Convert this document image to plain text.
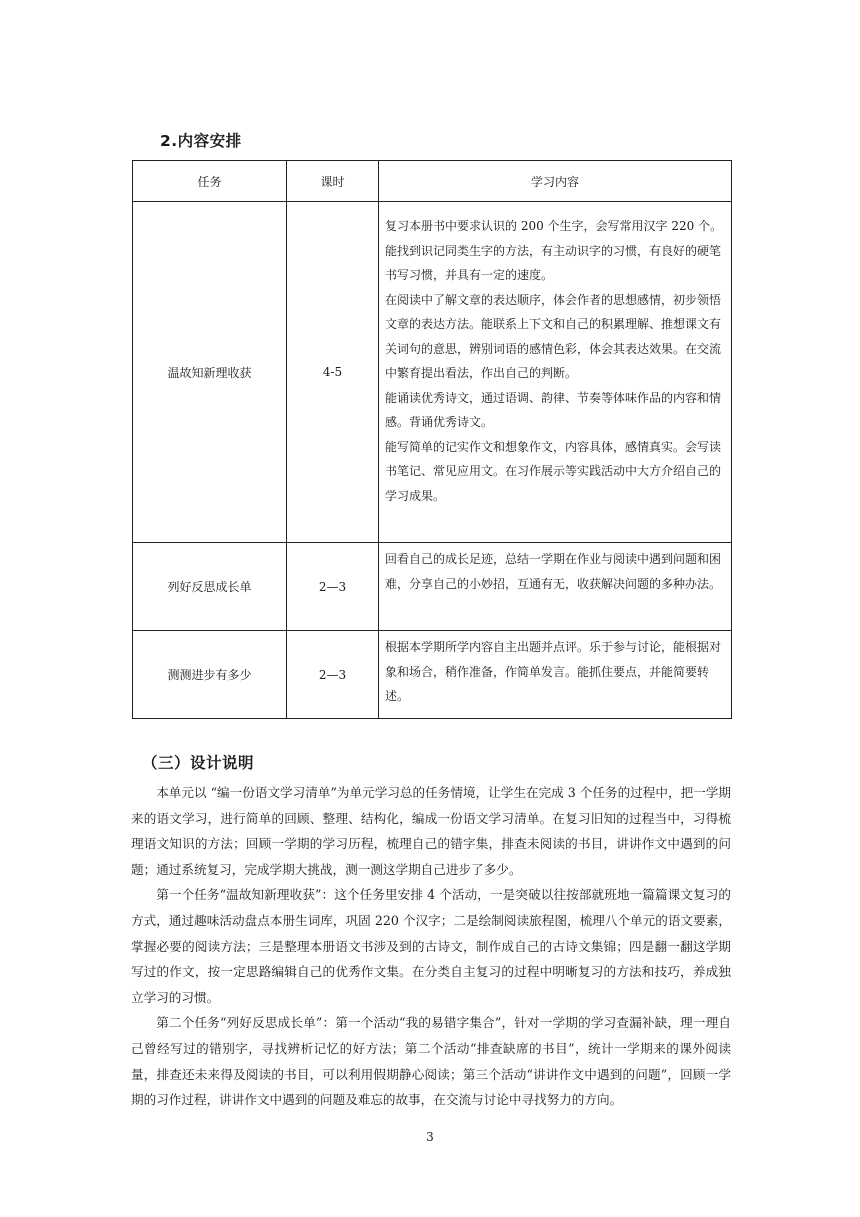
2.内容安排
任务	课时	学习内容
温故知新理收获	4-5	复习本册书中要求认识的 200 个生字，会写常用汉字 220 个。能找到识记同类生字的方法，有主动识字的习惯，有良好的硬笔书写习惯，并具有一定的速度。
在阅读中了解文章的表达顺序，体会作者的思想感情，初步领悟文章的表达方法。能联系上下文和自己的积累理解、推想课文有关词句的意思，辨别词语的感情色彩，体会其表达效果。在交流中繁育提出看法，作出自己的判断。
能诵读优秀诗文，通过语调、韵律、节奏等体味作品的内容和情感。背诵优秀诗文。
能写简单的记实作文和想象作文，内容具体，感情真实。会写读书笔记、常见应用文。在习作展示等实践活动中大方介绍自己的学习成果。

列好反思成长单	2—3	回看自己的成长足迹，总结一学期在作业与阅读中遇到问题和困难，分享自己的小妙招，互通有无，收获解决问题的多种办法。

测测进步有多少	2—3	根据本学期所学内容自主出题并点评。乐于参与讨论，能根据对象和场合，稍作准备，作简单发言。能抓住要点，并能简要转述。
（三）设计说明

本单元以 “编一份语文学习清单”为单元学习总的任务情境，让学生在完成 3 个任务的过程中，把一学期来的语文学习，进行简单的回顾、整理、结构化，编成一份语文学习清单。在复习旧知的过程当中，习得梳理语文知识的方法；回顾一学期的学习历程，梳理自己的错字集，排查未阅读的书目，讲讲作文中遇到的问题；通过系统复习，完成学期大挑战，测一测这学期自己进步了多少。

第一个任务“温故知新理收获”：这个任务里安排 4 个活动，一是突破以往按部就班地一篇篇课文复习的方式，通过趣味活动盘点本册生词库，巩固 220 个汉字；二是绘制阅读旅程图，梳理八个单元的语文要素，掌握必要的阅读方法；三是整理本册语文书涉及到的古诗文，制作成自己的古诗文集锦；四是翻一翻这学期写过的作文，按一定思路编辑自己的优秀作文集。在分类自主复习的过程中明晰复习的方法和技巧，养成独立学习的习惯。

第二个任务“列好反思成长单”：第一个活动“我的易错字集合”，针对一学期的学习查漏补缺，理一理自己曾经写过的错别字，寻找辨析记忆的好方法；第二个活动“排查缺席的书目”，统计一学期来的课外阅读量，排查还未来得及阅读的书目，可以利用假期静心阅读；第三个活动“讲讲作文中遇到的问题”，回顾一学期的习作过程，讲讲作文中遇到的问题及难忘的故事，在交流与讨论中寻找努力的方向。

3
